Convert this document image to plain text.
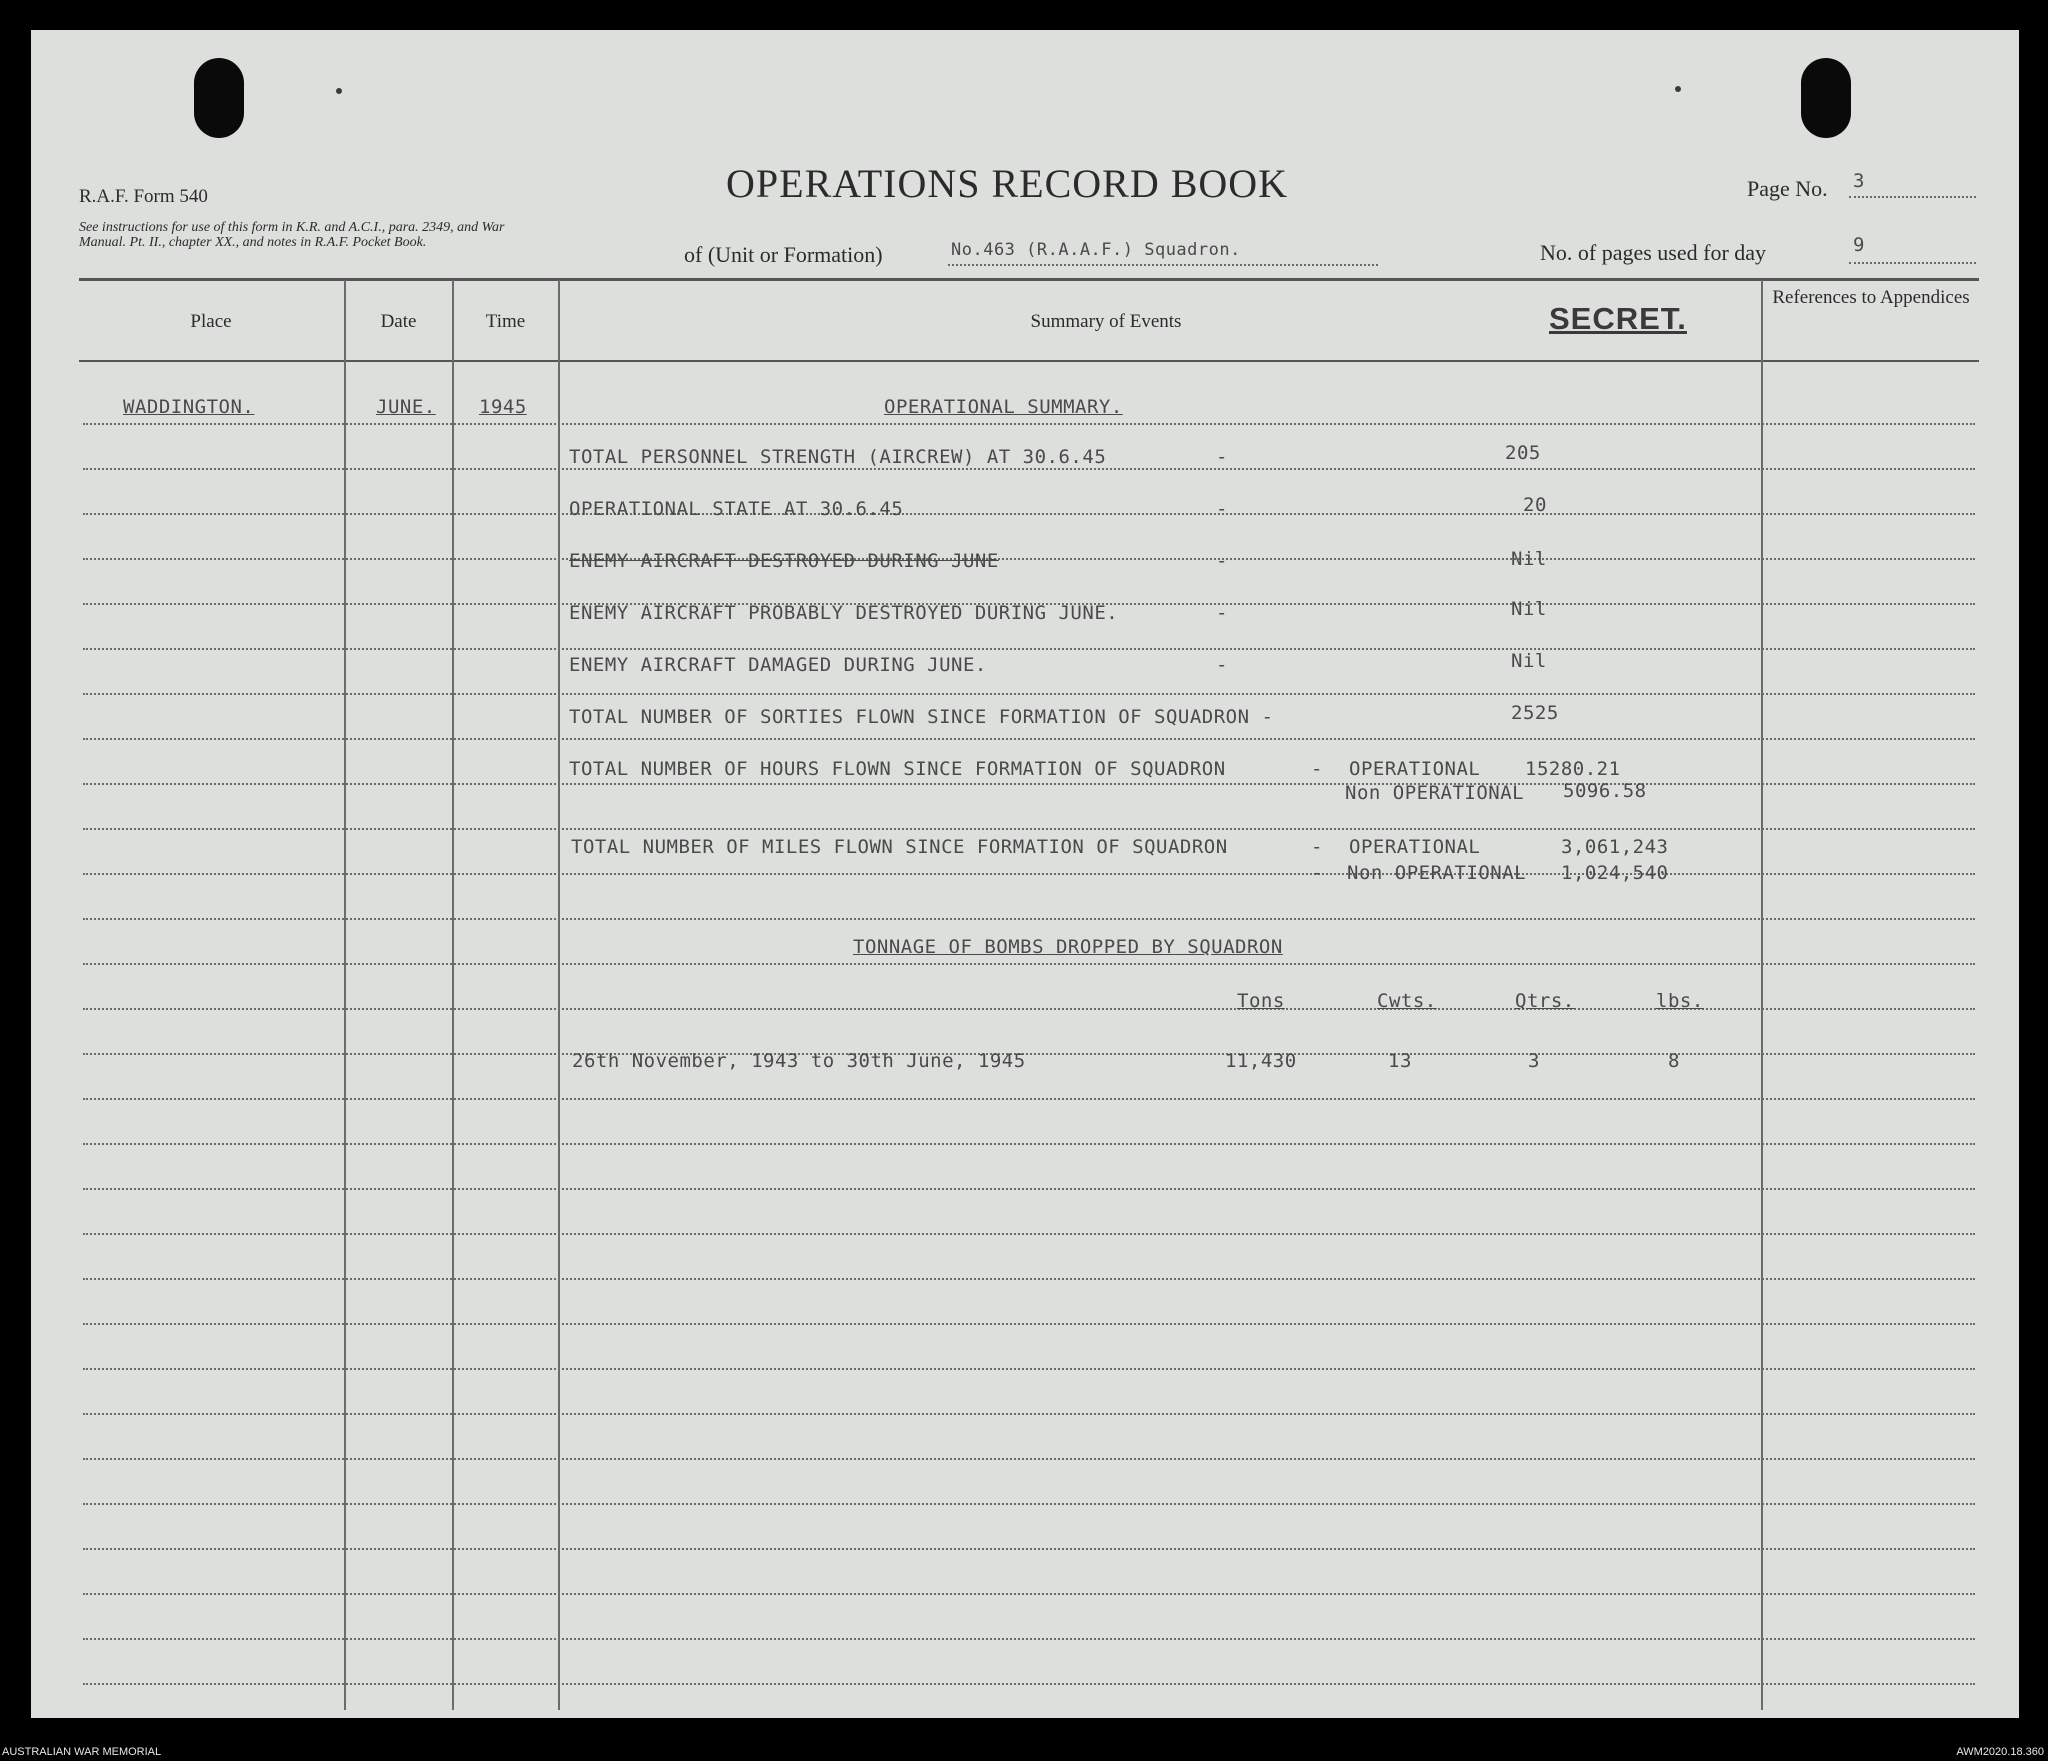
R.A.F. Form 540
See instructions for use of this form in K.R. and A.C.I., para. 2349, and War Manual. Pt. II., chapter XX., and notes in R.A.F. Pocket Book.
OPERATIONS RECORD BOOK	Page No. 3
of (Unit or Formation)	No.463 (R.A.A.F.) Squadron.	No. of pages used for day	9
Place	Date	Time	Summary of Events	SECRET.
References to Appendices
WADDINGTON.	JUNE. 1945	OPERATIONAL SUMMARY.
TOTAL PERSONNEL STRENGTH (AIRCREW) AT 30.6.45	-	205
OPERATIONAL STATE AT 30.6.45	-	20
ENEMY AIRCRAFT DESTROYED DURING JUNE	-	Nil
ENEMY AIRCRAFT PROBABLY DESTROYED DURING JUNE.	-	Nil
ENEMY AIRCRAFT DAMAGED DURING JUNE.	-	Nil
TOTAL NUMBER OF SORTIES FLOWN SINCE FORMATION OF SQUADRON -	2525
TOTAL NUMBER OF HOURS FLOWN SINCE FORMATION OF SQUADRON	- OPERATIONAL 15280.21
Non OPERATIONAL 5096.58
TOTAL NUMBER OF MILES FLOWN SINCE FORMATION OF SQUADRON	- OPERATIONAL	3,061,243
- Non OPERATIONAL 1,024,540
TONNAGE OF BOMBS DROPPED BY SQUADRON
Tons	Cwts.	Qtrs.	lbs.
26th November, 1943 to 30th June, 1945	11,430	13	3	8
AUSTRALIAN WAR MEMORIAL	AWM2020.18.360
